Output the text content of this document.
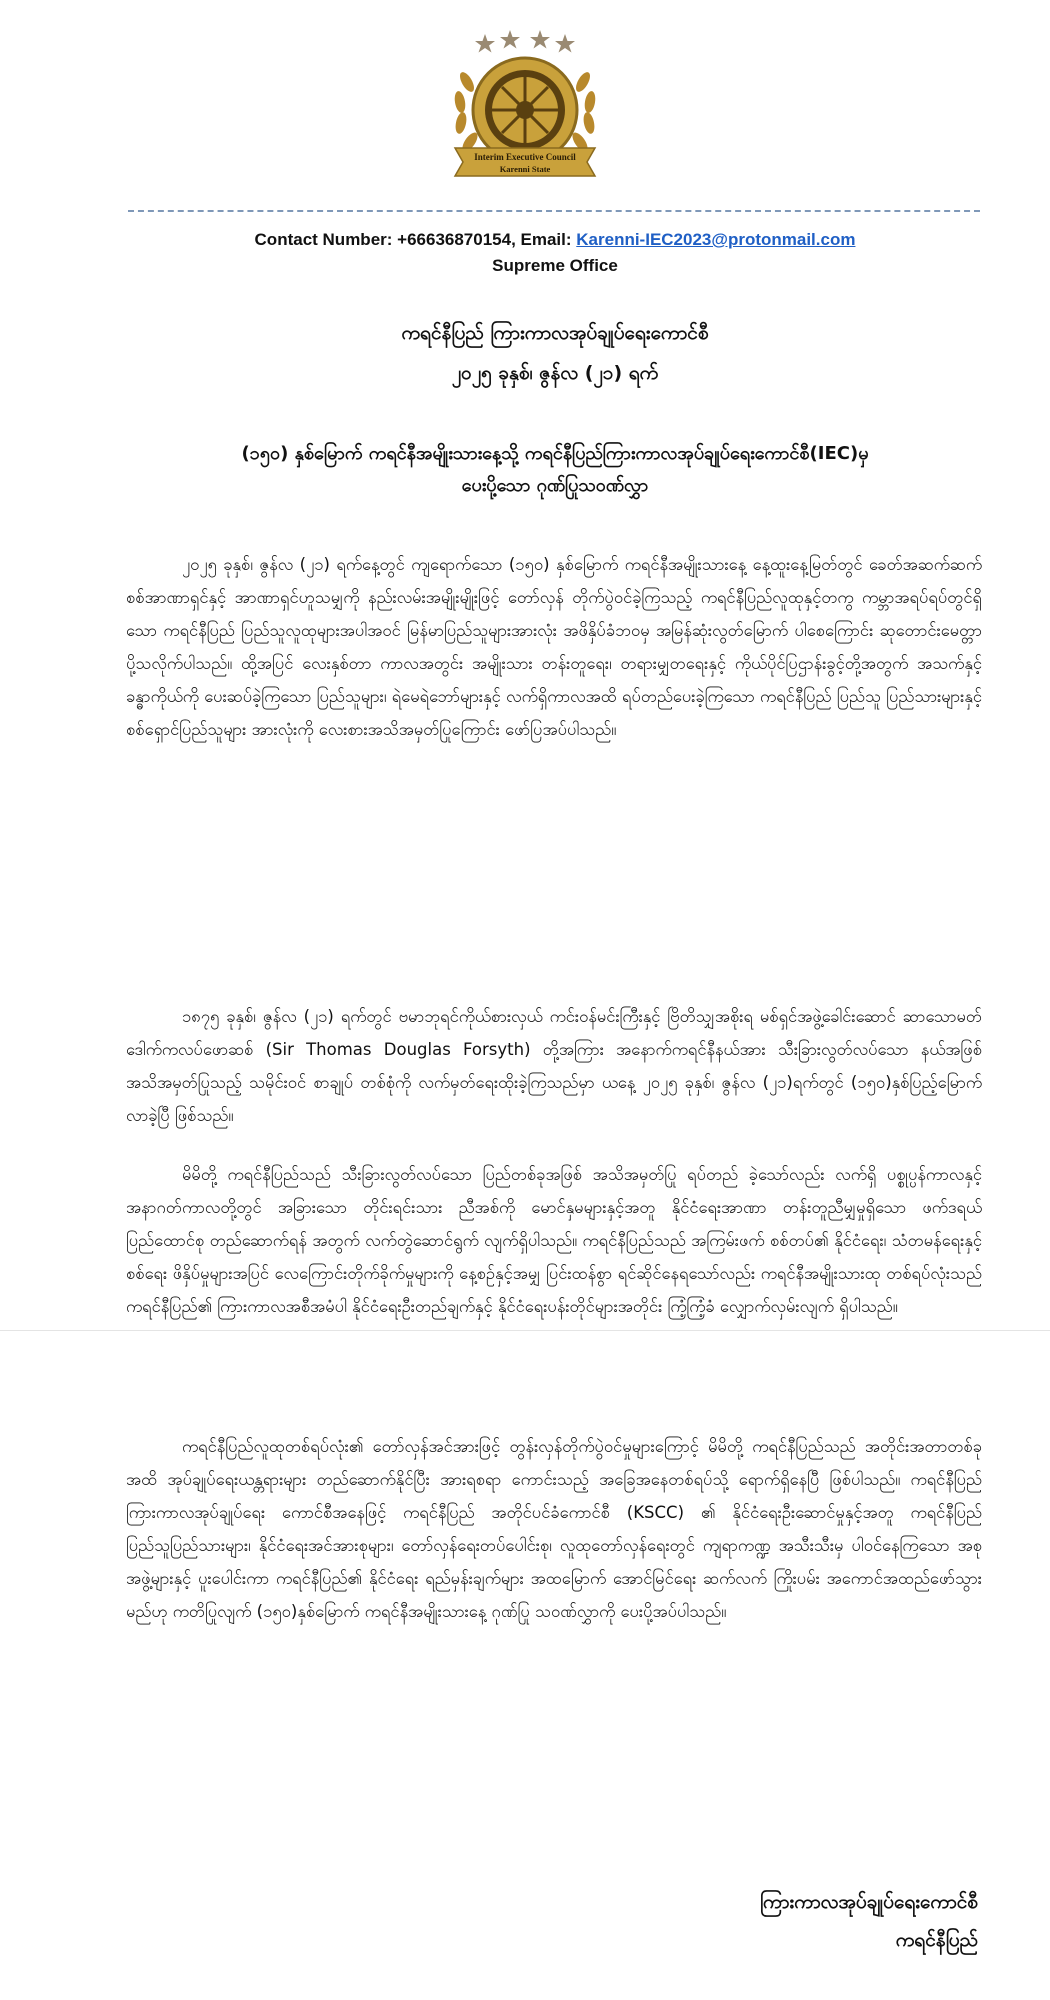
Interim Executive Council
Karenni State
Contact Number: +66636870154, Email: Karenni-IEC2023@protonmail.com
Supreme Office
ကရင်နီပြည် ကြားကာလအုပ်ချုပ်ရေးကောင်စီ
၂၀၂၅ ခုနှစ်၊ ဇွန်လ (၂၁) ရက်
(၁၅၀) နှစ်မြောက် ကရင်နီအမျိုးသားနေ့သို့ ကရင်နီပြည်ကြားကာလအုပ်ချုပ်ရေးကောင်စီ(IEC)မှ
ပေးပို့သော ဂုဏ်ပြုသဝဏ်လွှာ
၂၀၂၅ ခုနှစ်၊ ဇွန်လ (၂၁) ရက်နေ့တွင် ကျရောက်သော (၁၅၀) နှစ်မြောက် ကရင်နီအမျိုးသားနေ့ နေ့ထူးနေ့မြတ်တွင် ခေတ်အဆက်ဆက် စစ်အာဏာရှင်နှင့် အာဏာရှင်ဟူသမျှကို နည်းလမ်းအမျိုးမျိုးဖြင့် တော်လှန် တိုက်ပွဲဝင်ခဲ့ကြသည့် ကရင်နီပြည်လူထုနှင့်တကွ ကမ္ဘာအရပ်ရပ်တွင်ရှိသော ကရင်နီပြည် ပြည်သူလူထုများအပါအဝင် မြန်မာပြည်သူများအားလုံး အဖိနှိပ်ခံဘဝမှ အမြန်ဆုံးလွတ်မြောက် ပါစေကြောင်း ဆုတောင်းမေတ္တာ ပို့သလိုက်ပါသည်။ ထို့အပြင် လေးနှစ်တာ ကာလအတွင်း အမျိုးသား တန်းတူရေး၊ တရားမျှတရေးနှင့် ကိုယ်ပိုင်ပြဌာန်းခွင့်တို့အတွက် အသက်နှင့် ခန္ဓာကိုယ်ကို ပေးဆပ်ခဲ့ကြသော ပြည်သူများ၊ ရဲမေရဲဘော်များနှင့် လက်ရှိကာလအထိ ရပ်တည်ပေးခဲ့ကြသော ကရင်နီပြည် ပြည်သူ ပြည်သားများနှင့် စစ်ရှောင်ပြည်သူများ အားလုံးကို လေးစားအသိအမှတ်ပြုကြောင်း ဖော်ပြအပ်ပါသည်။
၁၈၇၅ ခုနှစ်၊ ဇွန်လ (၂၁) ရက်တွင် ဗမာဘုရင်ကိုယ်စားလှယ် ကင်းဝန်မင်းကြီးနှင့် ဗြိတိသျှအစိုးရ မစ်ရှင်အဖွဲ့ခေါင်းဆောင် ဆာသောမတ်ဒေါက်ကလပ်ဖောဆစ် (Sir Thomas Douglas Forsyth) တို့အကြား အနောက်ကရင်နီနယ်အား သီးခြားလွတ်လပ်သော နယ်အဖြစ် အသိအမှတ်ပြုသည့် သမိုင်းဝင် စာချုပ် တစ်စုံကို လက်မှတ်ရေးထိုးခဲ့ကြသည်မှာ ယနေ့ ၂၀၂၅ ခုနှစ်၊ ဇွန်လ (၂၁)ရက်တွင် (၁၅၀)နှစ်ပြည့်မြောက် လာခဲ့ပြီ ဖြစ်သည်။
မိမိတို့ ကရင်နီပြည်သည် သီးခြားလွတ်လပ်သော ပြည်တစ်ခုအဖြစ် အသိအမှတ်ပြု ရပ်တည် ခဲ့သော်လည်း လက်ရှိ ပစ္စုပ္ပန်ကာလနှင့် အနာဂတ်ကာလတို့တွင် အခြားသော တိုင်းရင်းသား ညီအစ်ကို မောင်နှမများနှင့်အတူ နိုင်ငံရေးအာဏာ တန်းတူညီမျှမှုရှိသော ဖက်ဒရယ်ပြည်ထောင်စု တည်ဆောက်ရန် အတွက် လက်တွဲဆောင်ရွက် လျက်ရှိပါသည်။ ကရင်နီပြည်သည် အကြမ်းဖက် စစ်တပ်၏ နိုင်ငံရေး၊ သံတမန်ရေးနှင့် စစ်ရေး ဖိနှိပ်မှုများအပြင် လေကြောင်းတိုက်ခိုက်မှုများကို နေ့စဉ်နှင့်အမျှ ပြင်းထန်စွာ ရင်ဆိုင်နေရသော်လည်း ကရင်နီအမျိုးသားထု တစ်ရပ်လုံးသည် ကရင်နီပြည်၏ ကြားကာလအစီအမံပါ နိုင်ငံရေးဦးတည်ချက်နှင့် နိုင်ငံရေးပန်းတိုင်များအတိုင်း ကြံ့ကြံ့ခံ လျှောက်လှမ်းလျက် ရှိပါသည်။
ကရင်နီပြည်လူထုတစ်ရပ်လုံး၏ တော်လှန်အင်အားဖြင့် တွန်းလှန်တိုက်ပွဲဝင်မှုများကြောင့် မိမိတို့ ကရင်နီပြည်သည် အတိုင်းအတာတစ်ခုအထိ အုပ်ချုပ်ရေးယန္တရားများ တည်ဆောက်နိုင်ပြီး အားရစရာ ကောင်းသည့် အခြေအနေတစ်ရပ်သို့ ရောက်ရှိနေပြီ ဖြစ်ပါသည်။ ကရင်နီပြည် ကြားကာလအုပ်ချုပ်ရေး ကောင်စီအနေဖြင့် ကရင်နီပြည် အတိုင်ပင်ခံကောင်စီ (KSCC) ၏ နိုင်ငံရေးဦးဆောင်မှုနှင့်အတူ ကရင်နီပြည် ပြည်သူပြည်သားများ၊ နိုင်ငံရေးအင်အားစုများ၊ တော်လှန်ရေးတပ်ပေါင်းစု၊ လူထုတော်လှန်ရေးတွင် ကျရာကဏ္ဍ အသီးသီးမှ ပါဝင်နေကြသော အစုအဖွဲ့များနှင့် ပူးပေါင်းကာ ကရင်နီပြည်၏ နိုင်ငံရေး ရည်မှန်းချက်များ အထမြောက် အောင်မြင်ရေး ဆက်လက် ကြိုးပမ်း အကောင်အထည်ဖော်သွားမည်ဟု ကတိပြုလျက် (၁၅၀)နှစ်မြောက် ကရင်နီအမျိုးသားနေ့ ဂုဏ်ပြု သဝဏ်လွှာကို ပေးပို့အပ်ပါသည်။
ကြားကာလအုပ်ချုပ်ရေးကောင်စီ
ကရင်နီပြည်
